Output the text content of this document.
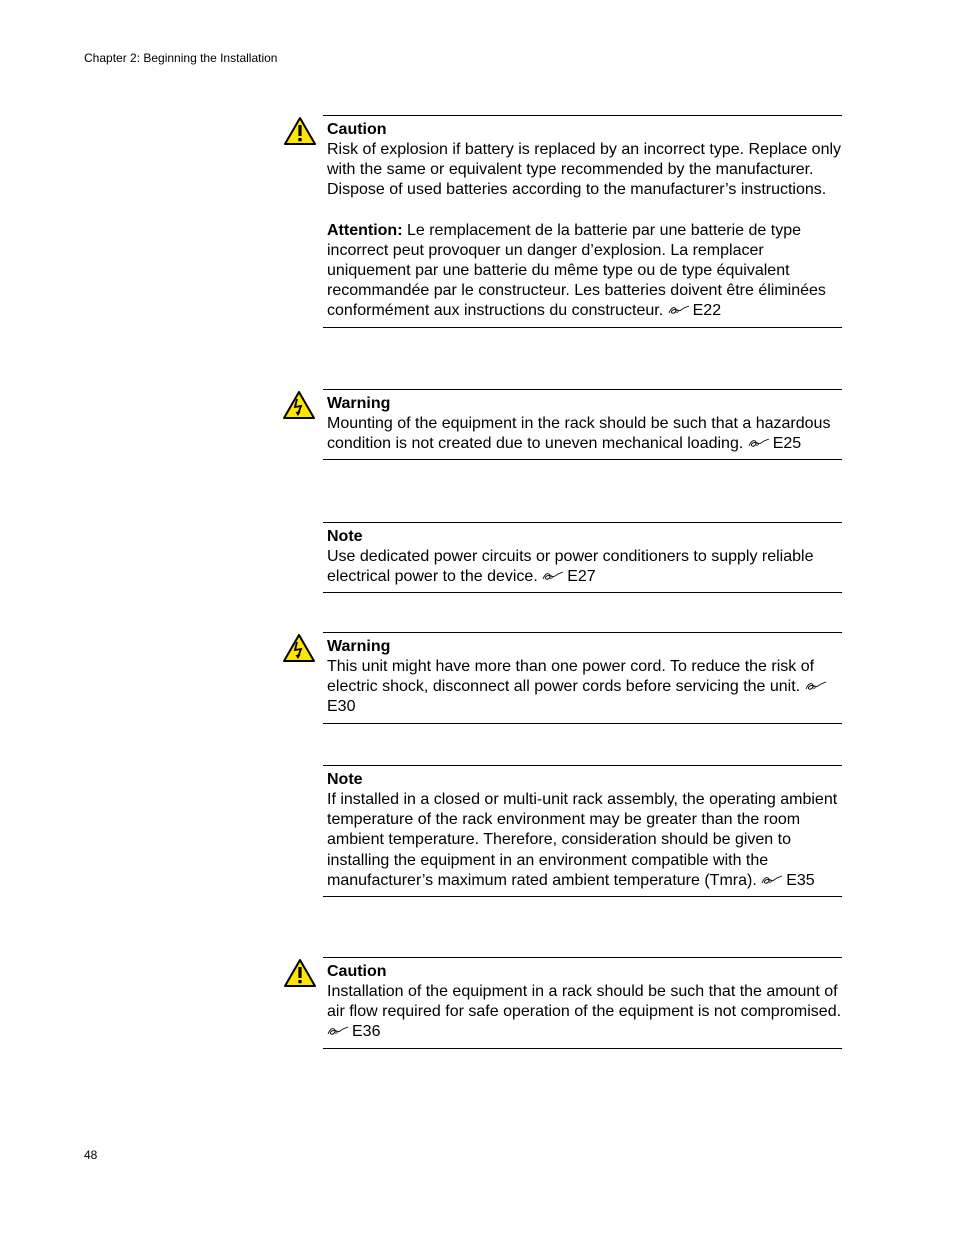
Chapter 2: Beginning the Installation
Caution

Risk of explosion if battery is replaced by an incorrect type. Replace only with the same or equivalent type recommended by the manufacturer. Dispose of used batteries according to the manufacturer’s instructions.

Attention: Le remplacement de la batterie par une batterie de type incorrect peut provoquer un danger d’explosion. La remplacer uniquement par une batterie du même type ou de type équivalent recommandée par le constructeur. Les batteries doivent être éliminées conformément aux instructions du constructeur. E22

Warning

Mounting of the equipment in the rack should be such that a hazardous condition is not created due to uneven mechanical loading. E25

Note

Use dedicated power circuits or power conditioners to supply reliable electrical power to the device. E27

Warning

This unit might have more than one power cord. To reduce the risk of electric shock, disconnect all power cords before servicing the unit.
E30

Note

If installed in a closed or multi-unit rack assembly, the operating ambient temperature of the rack environment may be greater than the room ambient temperature. Therefore, consideration should be given to installing the equipment in an environment compatible with the manufacturer’s maximum rated ambient temperature (Tmra). E35

Caution

Installation of the equipment in a rack should be such that the amount of air flow required for safe operation of the equipment is not compromised.
E36

48
